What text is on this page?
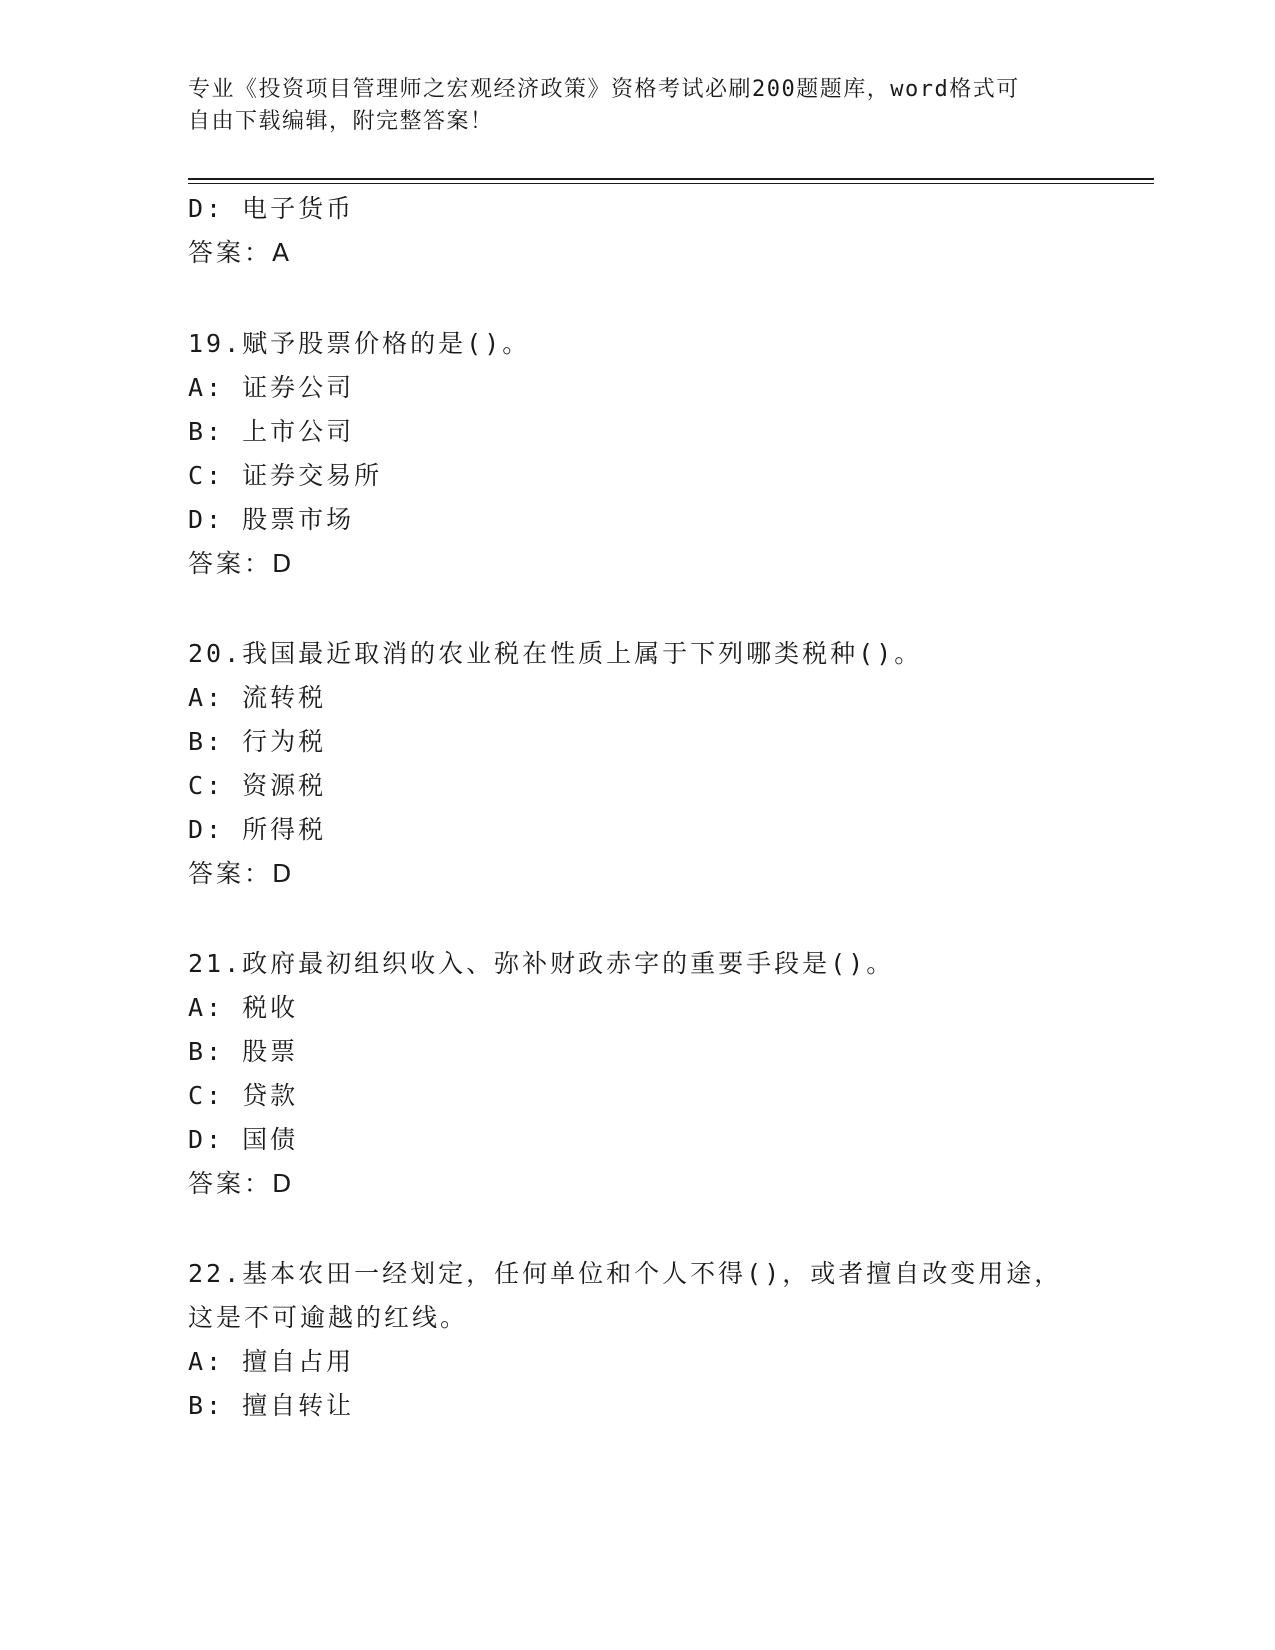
专业《投资项目管理师之宏观经济政策》资格考试必刷200题题库，word格式可
自由下载编辑，附完整答案！
D: 电子货币
答案：A
19.赋予股票价格的是()。
A: 证券公司
B: 上市公司
C: 证券交易所
D: 股票市场
答案：D
20.我国最近取消的农业税在性质上属于下列哪类税种()。
A: 流转税
B: 行为税
C: 资源税
D: 所得税
答案：D
21.政府最初组织收入、弥补财政赤字的重要手段是()。
A: 税收
B: 股票
C: 贷款
D: 国债
答案：D
22.基本农田一经划定，任何单位和个人不得()，或者擅自改变用途，
这是不可逾越的红线。
A: 擅自占用
B: 擅自转让
